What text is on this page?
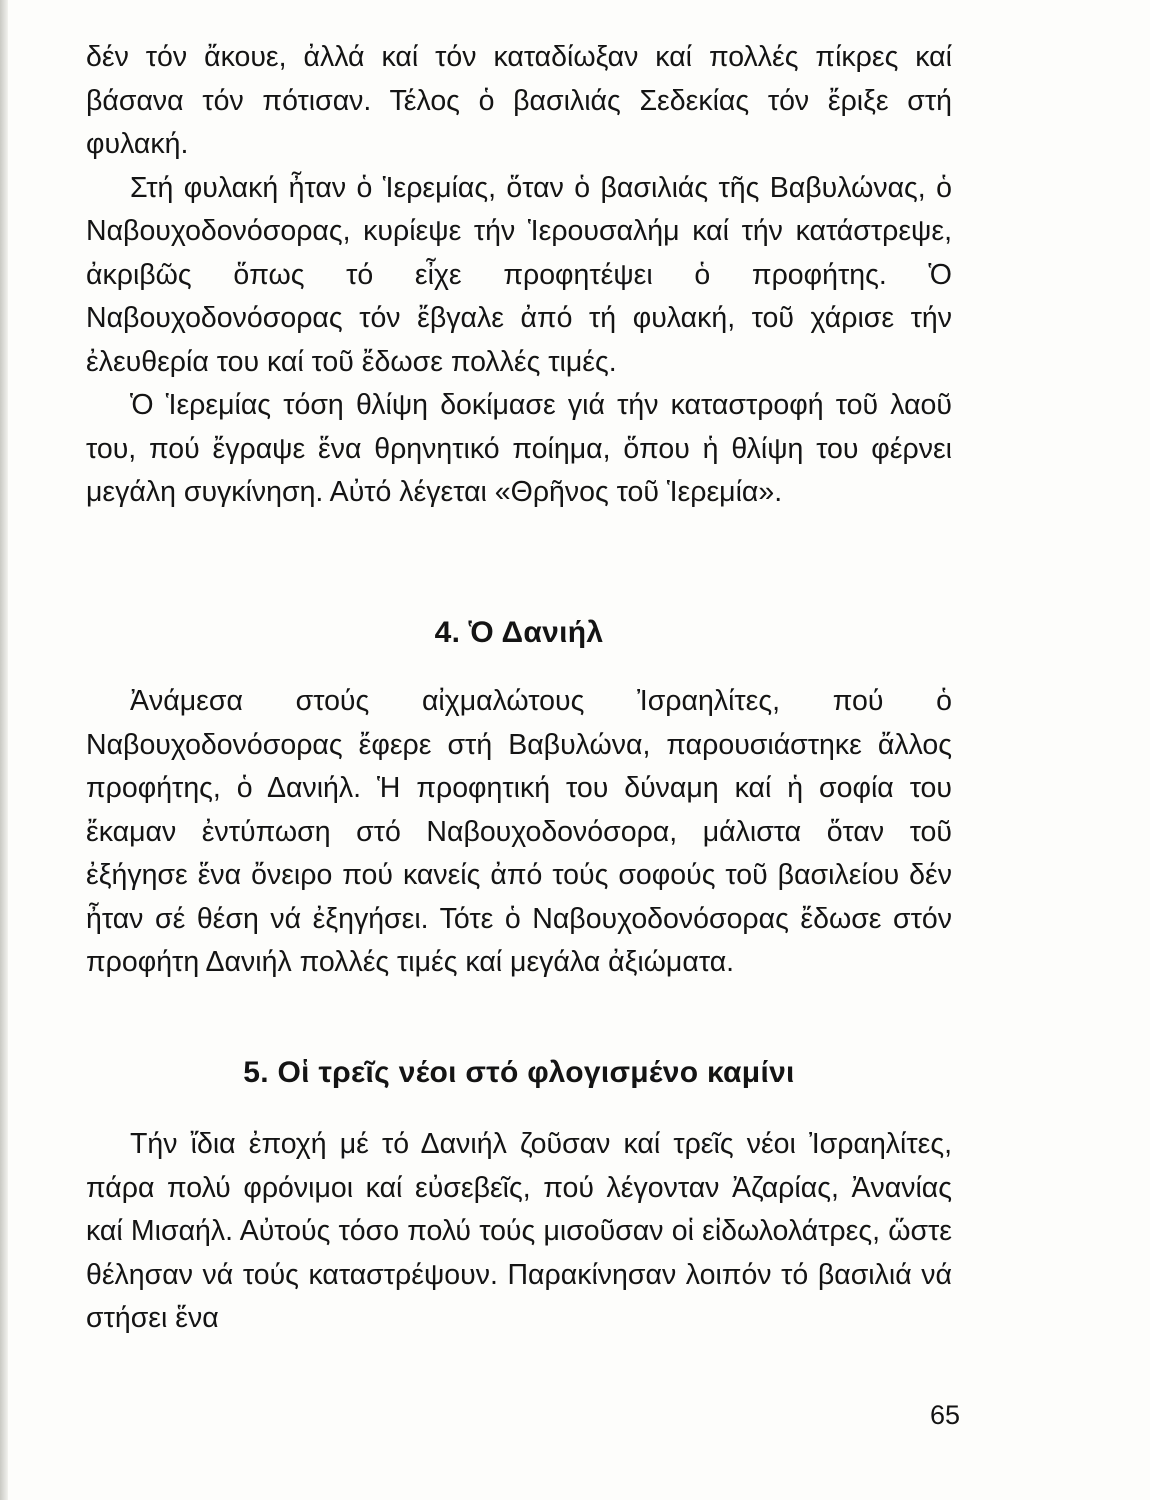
δέν τόν ἄκουε, ἀλλά καί τόν καταδίωξαν καί πολλές πίκρες καί βάσανα τόν πότισαν. Τέλος ὁ βασιλιάς Σεδεκίας τόν ἔριξε στή φυλακή.

Στή φυλακή ἦταν ὁ Ἱερεμίας, ὅταν ὁ βασιλιάς τῆς Βαβυλώνας, ὁ Ναβουχοδονόσορας, κυρίεψε τήν Ἱερουσαλήμ καί τήν κατάστρεψε, ἀκριβῶς ὅπως τό εἶχε προφητέψει ὁ προφήτης. Ὁ Ναβουχοδονόσορας τόν ἔβγαλε ἀπό τή φυλακή, τοῦ χάρισε τήν ἐλευθερία του καί τοῦ ἔδωσε πολλές τιμές.

Ὁ Ἱερεμίας τόση θλίψη δοκίμασε γιά τήν καταστροφή τοῦ λαοῦ του, πού ἔγραψε ἕνα θρηνητικό ποίημα, ὅπου ἡ θλίψη του φέρνει μεγάλη συγκίνηση. Αὐτό λέγεται «Θρῆνος τοῦ Ἱερεμία».

4. Ὁ Δανιήλ

Ἀνάμεσα στούς αἰχμαλώτους Ἰσραηλίτες, πού ὁ Ναβουχοδονόσορας ἔφερε στή Βαβυλώνα, παρουσιάστηκε ἄλλος προφήτης, ὁ Δανιήλ. Ἡ προφητική του δύναμη καί ἡ σοφία του ἔκαμαν ἐντύπωση στό Ναβουχοδονόσορα, μάλιστα ὅταν τοῦ ἐξήγησε ἕνα ὄνειρο πού κανείς ἀπό τούς σοφούς τοῦ βασιλείου δέν ἦταν σέ θέση νά ἐξηγήσει. Τότε ὁ Ναβουχοδονόσορας ἔδωσε στόν προφήτη Δανιήλ πολλές τιμές καί μεγάλα ἀξιώματα.

5. Οἱ τρεῖς νέοι στό φλογισμένο καμίνι

Τήν ἴδια ἐποχή μέ τό Δανιήλ ζοῦσαν καί τρεῖς νέοι Ἰσραηλίτες, πάρα πολύ φρόνιμοι καί εὐσεβεῖς, πού λέγονταν Ἀζαρίας, Ἀνανίας καί Μισαήλ. Αὐτούς τόσο πολύ τούς μισοῦσαν οἱ εἰδωλολάτρες, ὥστε θέλησαν νά τούς καταστρέψουν. Παρακίνησαν λοιπόν τό βασιλιά νά στήσει ἕνα

65
